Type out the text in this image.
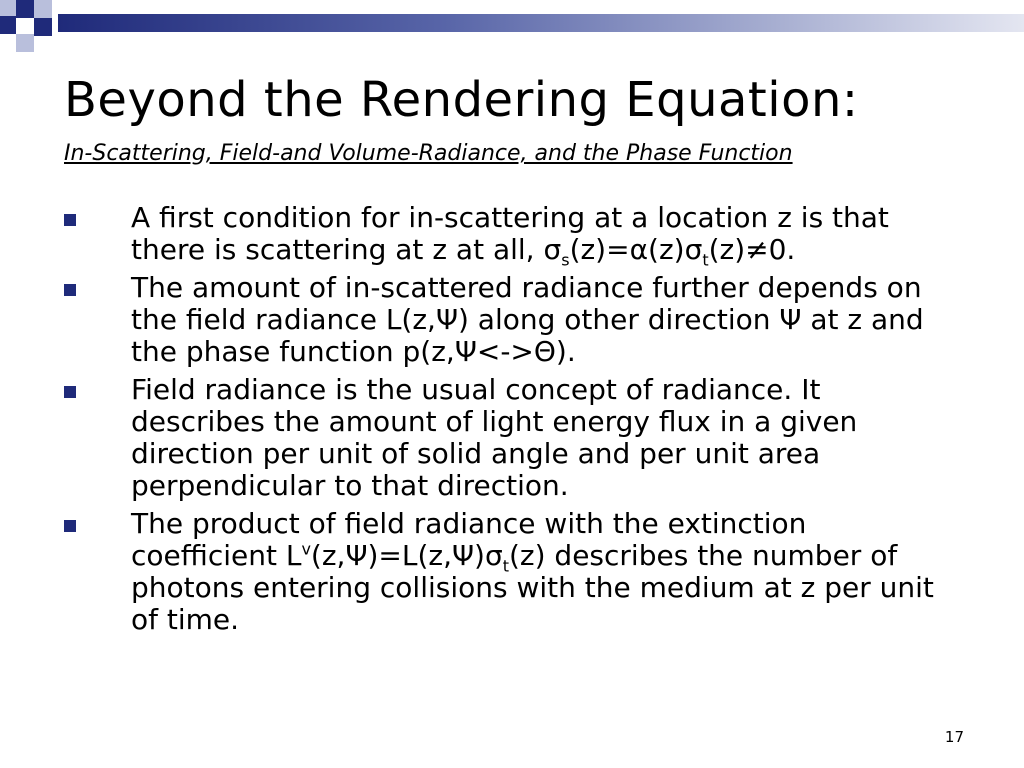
Beyond the Rendering Equation:
In-Scattering, Field-and Volume-Radiance, and the Phase Function
A first condition for in-scattering at a location z is that there is scattering at z at all, $\sigma_s(z)=\alpha(z)\sigma_t(z)\ne 0$.
The amount of in-scattered radiance further depends on the field radiance L(z,Ψ) along other direction Ψ at z and the phase function p(z,Ψ<->Θ).
Field radiance is the usual concept of radiance. It describes the amount of light energy flux in a given direction per unit of solid angle and per unit area perpendicular to that direction.
The product of field radiance with the extinction coefficient $L^v(z,\Psi)=L(z,\Psi)\sigma_t(z)$ describes the number of photons entering collisions with the medium at z per unit of time.
17
